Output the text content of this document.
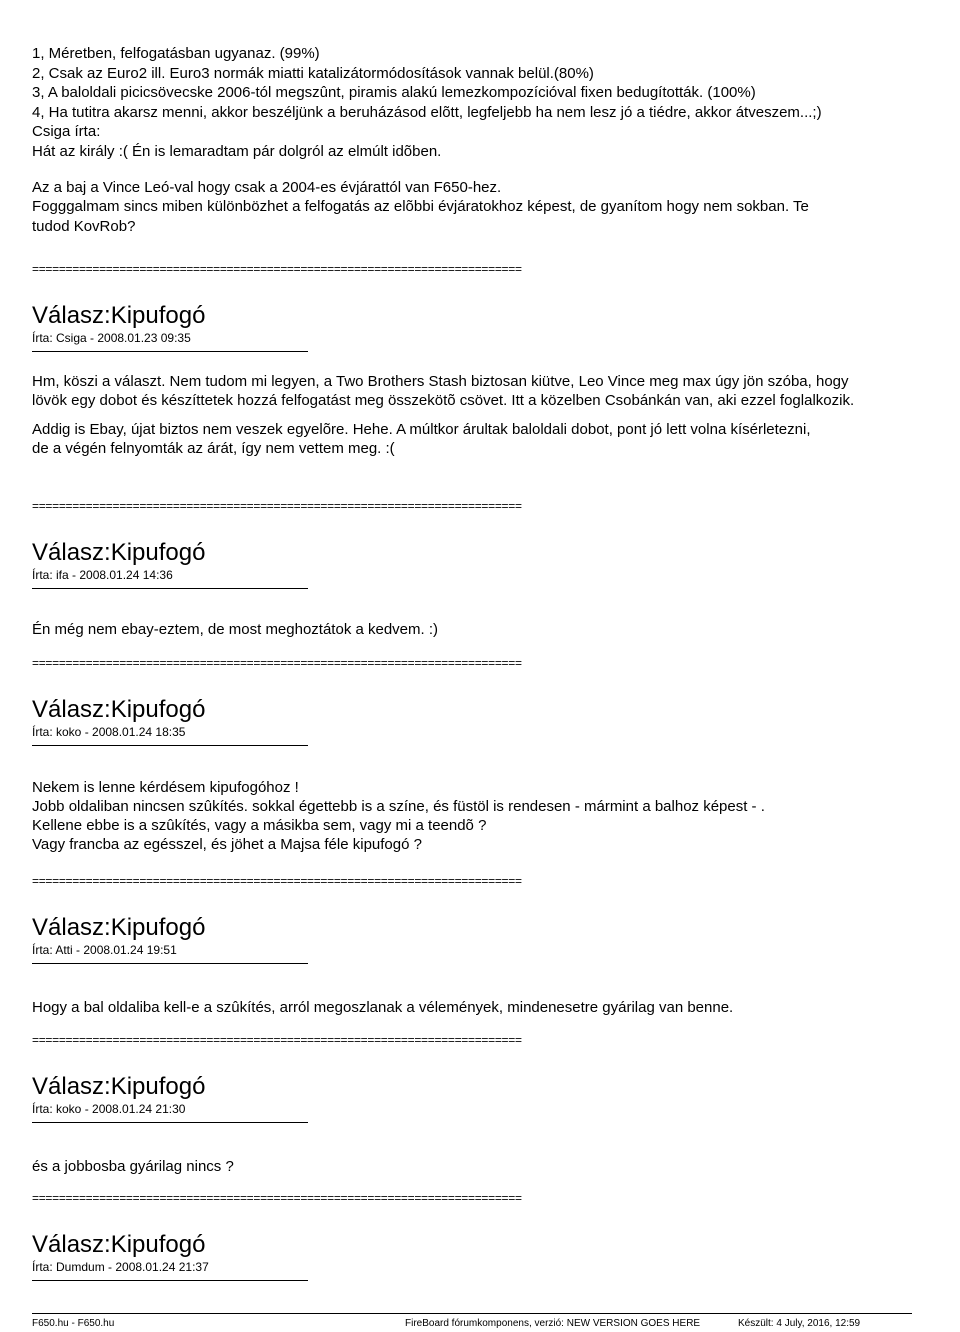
1, Méretben, felfogatásban ugyanaz. (99%)
2, Csak az Euro2 ill. Euro3 normák miatti katalizátormódosítások vannak belül.(80%)
3, A baloldali picicsövecske 2006-tól megszûnt, piramis alakú lemezkompozícióval fixen bedugították. (100%)
4, Ha tutitra akarsz menni, akkor beszéljünk a beruházásod elõtt, legfeljebb ha nem lesz jó a tiédre, akkor átveszem...;)
Csiga írta:
Hát az király :( Én is lemaradtam pár dolgról az elmúlt idõben.
Az a baj a Vince Leó-val hogy csak a 2004-es évjárattól van F650-hez.
Fogggalmam sincs miben különbözhet a felfogatás az elõbbi évjáratokhoz képest, de gyanítom hogy nem sokban. Te
tudod KovRob?
=========================================================================
Válasz:Kipufogó
Írta: Csiga - 2008.01.23 09:35

Hm, köszi a választ. Nem tudom mi legyen, a Two Brothers Stash biztosan kiütve, Leo Vince meg max úgy jön szóba, hogy

lövök egy dobot és készíttetek hozzá felfogatást meg összekötõ csövet. Itt a közelben Csobánkán van, aki ezzel foglalkozik.

Addig is Ebay, újat biztos nem veszek egyelõre. Hehe. A múltkor árultak baloldali dobot, pont jó lett volna kísérletezni,

de a végén felnyomták az árát, így nem vettem meg. :(

=========================================================================
Válasz:Kipufogó
Írta: ifa - 2008.01.24 14:36

Én még nem ebay-eztem, de most meghoztátok a kedvem. :)

=========================================================================
Válasz:Kipufogó
Írta: koko - 2008.01.24 18:35

Nekem is lenne kérdésem kipufogóhoz !

Jobb oldaliban nincsen szûkítés. sokkal égettebb is a színe, és füstöl is rendesen - mármint a balhoz képest - .

Kellene ebbe is a szûkítés, vagy a másikba sem, vagy mi a teendõ ?

Vagy francba az egésszel, és jöhet a Majsa féle kipufogó ?

=========================================================================
Válasz:Kipufogó
Írta: Atti - 2008.01.24 19:51

Hogy a bal oldaliba kell-e a szûkítés, arról megoszlanak a vélemények, mindenesetre gyárilag van benne.

=========================================================================
Válasz:Kipufogó
Írta: koko - 2008.01.24 21:30

és a jobbosba gyárilag nincs ?

=========================================================================
Válasz:Kipufogó
Írta: Dumdum - 2008.01.24 21:37
F650.hu - F650.hu	FireBoard fórumkomponens, verzió: NEW VERSION GOES HERE	Készült: 4 July, 2016, 12:59
